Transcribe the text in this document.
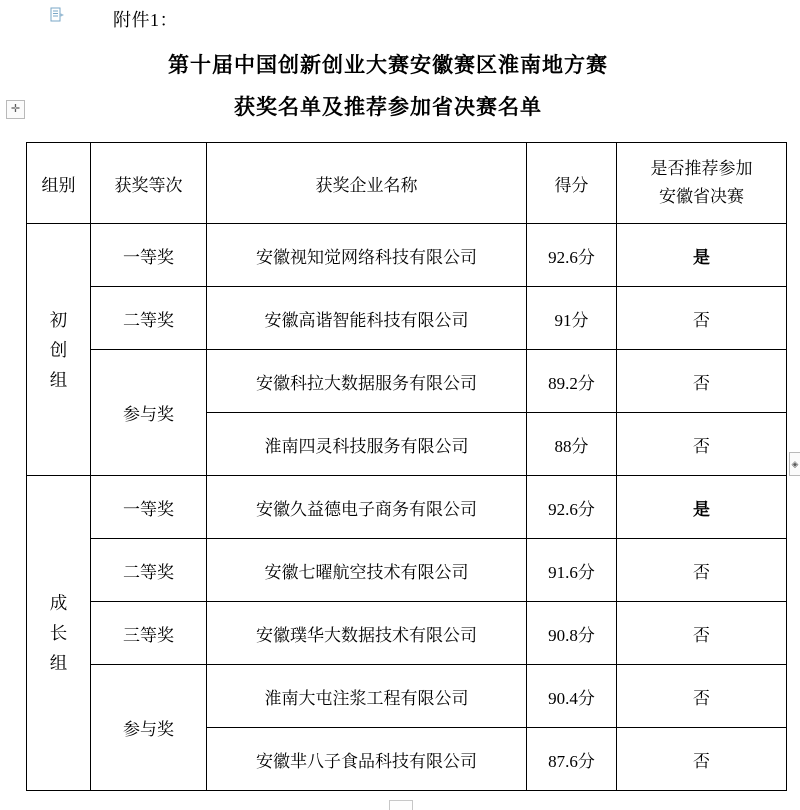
✛
◈

附件1：

第十届中国创新创业大赛安徽赛区淮南地方赛
获奖名单及推荐参加省决赛名单
组别	获奖等次	获奖企业名称	得分	是否推荐参加
安徽省决赛

初创组	一等奖	安徽视知觉网络科技有限公司	92.6分	是
	二等奖	安徽高谐智能科技有限公司	91分	否
	参与奖	安徽科拉大数据服务有限公司	89.2分	否
		淮南四灵科技服务有限公司	88分	否

成长组	一等奖	安徽久益德电子商务有限公司	92.6分	是
	二等奖	安徽七曜航空技术有限公司	91.6分	否
	三等奖	安徽璞华大数据技术有限公司	90.8分	否
	参与奖	淮南大屯注浆工程有限公司	90.4分	否
		安徽芈八子食品科技有限公司	87.6分	否
